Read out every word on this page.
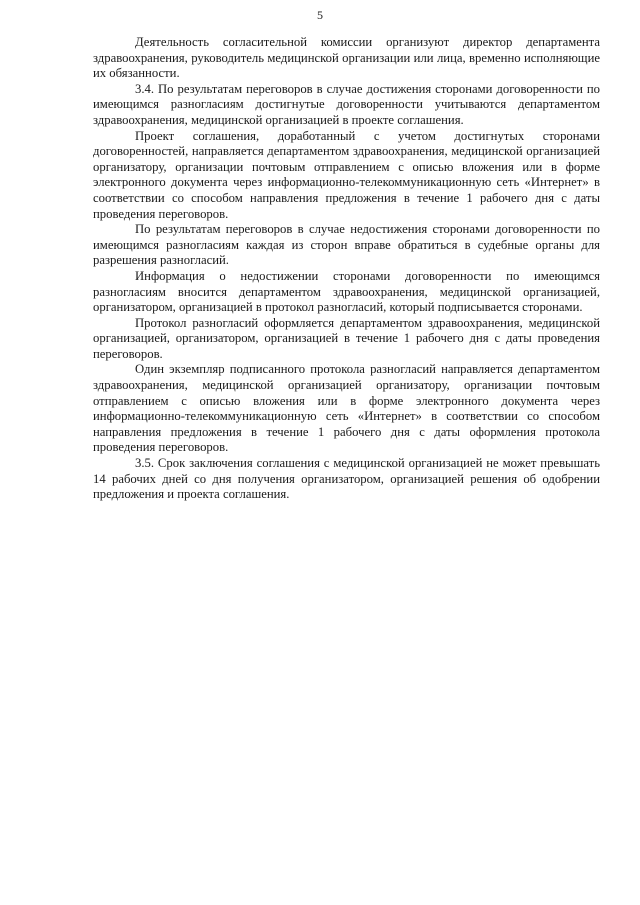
5

Деятельность согласительной комиссии организуют директор департамента здравоохранения, руководитель медицинской организации или лица, временно исполняющие их обязанности.

3.4. По результатам переговоров в случае достижения сторонами договоренности по имеющимся разногласиям достигнутые договоренности учитываются департаментом здравоохранения, медицинской организацией в проекте соглашения.

Проект соглашения, доработанный с учетом достигнутых сторонами договоренностей, направляется департаментом здравоохранения, медицинской организацией организатору, организации почтовым отправлением с описью вложения или в форме электронного документа через информационно-телекоммуникационную сеть «Интернет» в соответствии со способом направления предложения в течение 1 рабочего дня с даты проведения переговоров.

По результатам переговоров в случае недостижения сторонами договоренности по имеющимся разногласиям каждая из сторон вправе обратиться в судебные органы для разрешения разногласий.

Информация о недостижении сторонами договоренности по имеющимся разногласиям вносится департаментом здравоохранения, медицинской организацией, организатором, организацией в протокол разногласий, который подписывается сторонами.

Протокол разногласий оформляется департаментом здравоохранения, медицинской организацией, организатором, организацией в течение 1 рабочего дня с даты проведения переговоров.

Один экземпляр подписанного протокола разногласий направляется департаментом здравоохранения, медицинской организацией организатору, организации почтовым отправлением с описью вложения или в форме электронного документа через информационно-телекоммуникационную сеть «Интернет» в соответствии со способом направления предложения в течение 1 рабочего дня с даты оформления протокола проведения переговоров.

3.5. Срок заключения соглашения с медицинской организацией не может превышать 14 рабочих дней со дня получения организатором, организацией решения об одобрении предложения и проекта соглашения.
